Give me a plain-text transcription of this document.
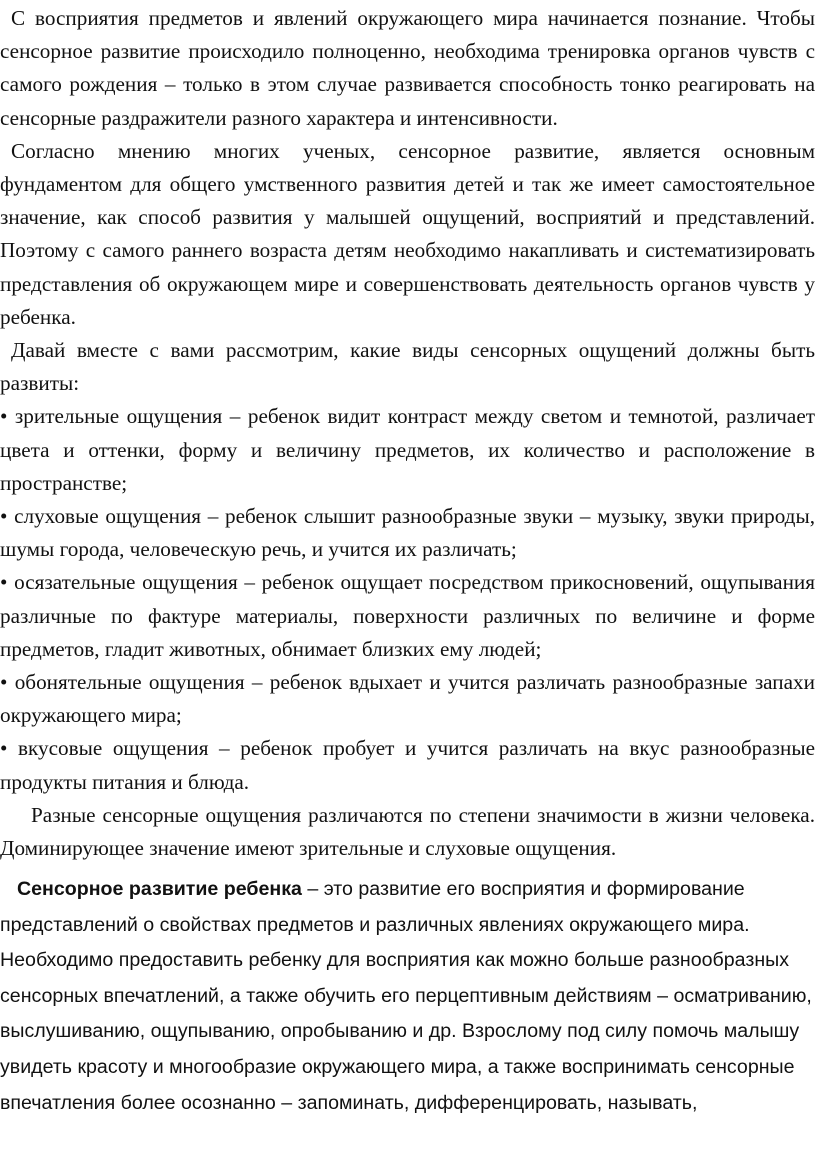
С восприятия предметов и явлений окружающего мира начинается познание. Чтобы сенсорное развитие происходило полноценно, необходима тренировка органов чувств с самого рождения – только в этом случае развивается способность тонко реагировать на сенсорные раздражители разного характера и интенсивности.

Согласно мнению многих ученых, сенсорное развитие, является основным фундаментом для общего умственного развития детей и так же имеет самостоятельное значение, как способ развития у малышей ощущений, восприятий и представлений. Поэтому с самого раннего возраста детям необходимо накапливать и систематизировать представления об окружающем мире и совершенствовать деятельность органов чувств у ребенка.

Давай вместе с вами рассмотрим, какие виды сенсорных ощущений должны быть развиты:

• зрительные ощущения – ребенок видит контраст между светом и темнотой, различает цвета и оттенки, форму и величину предметов, их количество и расположение в пространстве;

• слуховые ощущения – ребенок слышит разнообразные звуки – музыку, звуки природы, шумы города, человеческую речь, и учится их различать;

• осязательные ощущения – ребенок ощущает посредством прикосновений, ощупывания различные по фактуре материалы, поверхности различных по величине и форме предметов, гладит животных, обнимает близких ему людей;

• обонятельные ощущения – ребенок вдыхает и учится различать разнообразные запахи окружающего мира;

• вкусовые ощущения – ребенок пробует и учится различать на вкус разнообразные продукты питания и блюда.

Разные сенсорные ощущения различаются по степени значимости в жизни человека. Доминирующее значение имеют зрительные и слуховые ощущения.

Сенсорное развитие ребенка – это развитие его восприятия и формирование представлений о свойствах предметов и различных явлениях окружающего мира. Необходимо предоставить ребенку для восприятия как можно больше разнообразных сенсорных впечатлений, а также обучить его перцептивным действиям – осматриванию, выслушиванию, ощупыванию, опробыванию и др. Взрослому под силу помочь малышу увидеть красоту и многообразие окружающего мира, а также воспринимать сенсорные впечатления более осознанно – запоминать, дифференцировать, называть,
